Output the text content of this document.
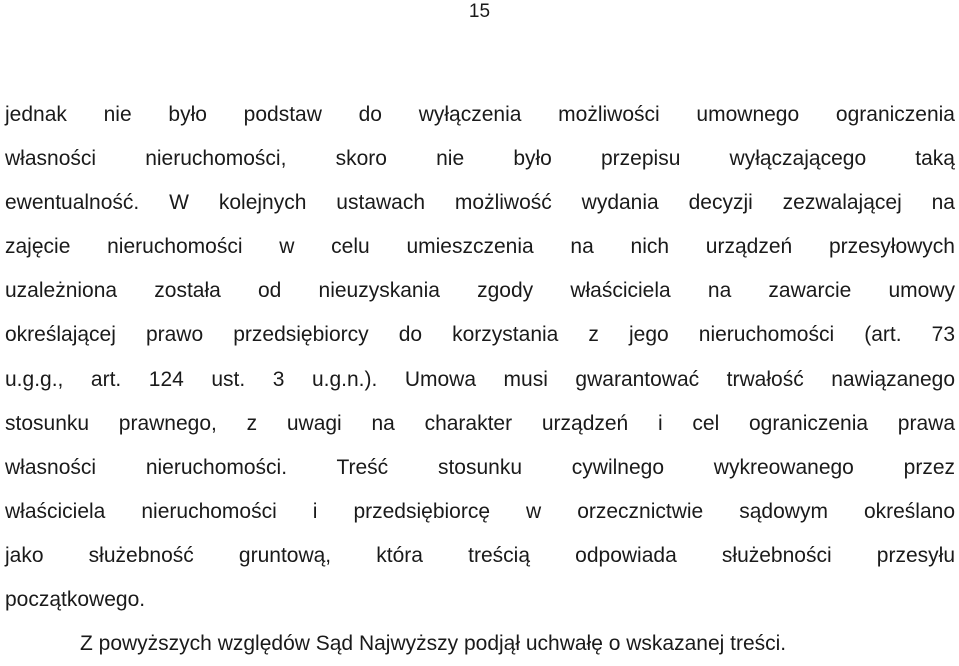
15
jednak nie było podstaw do wyłączenia możliwości umownego ograniczenia
własności nieruchomości, skoro nie było przepisu wyłączającego taką
ewentualność. W kolejnych ustawach możliwość wydania decyzji zezwalającej na
zajęcie nieruchomości w celu umieszczenia na nich urządzeń przesyłowych
uzależniona została od nieuzyskania zgody właściciela na zawarcie umowy
określającej prawo przedsiębiorcy do korzystania z jego nieruchomości (art. 73
u.g.g., art. 124 ust. 3 u.g.n.). Umowa musi gwarantować trwałość nawiązanego
stosunku prawnego, z uwagi na charakter urządzeń i cel ograniczenia prawa
własności nieruchomości. Treść stosunku cywilnego wykreowanego przez
właściciela nieruchomości i przedsiębiorcę w orzecznictwie sądowym określano
jako służebność gruntową, która treścią odpowiada służebności przesyłu
początkowego.
Z powyższych względów Sąd Najwyższy podjął uchwałę o wskazanej treści.
